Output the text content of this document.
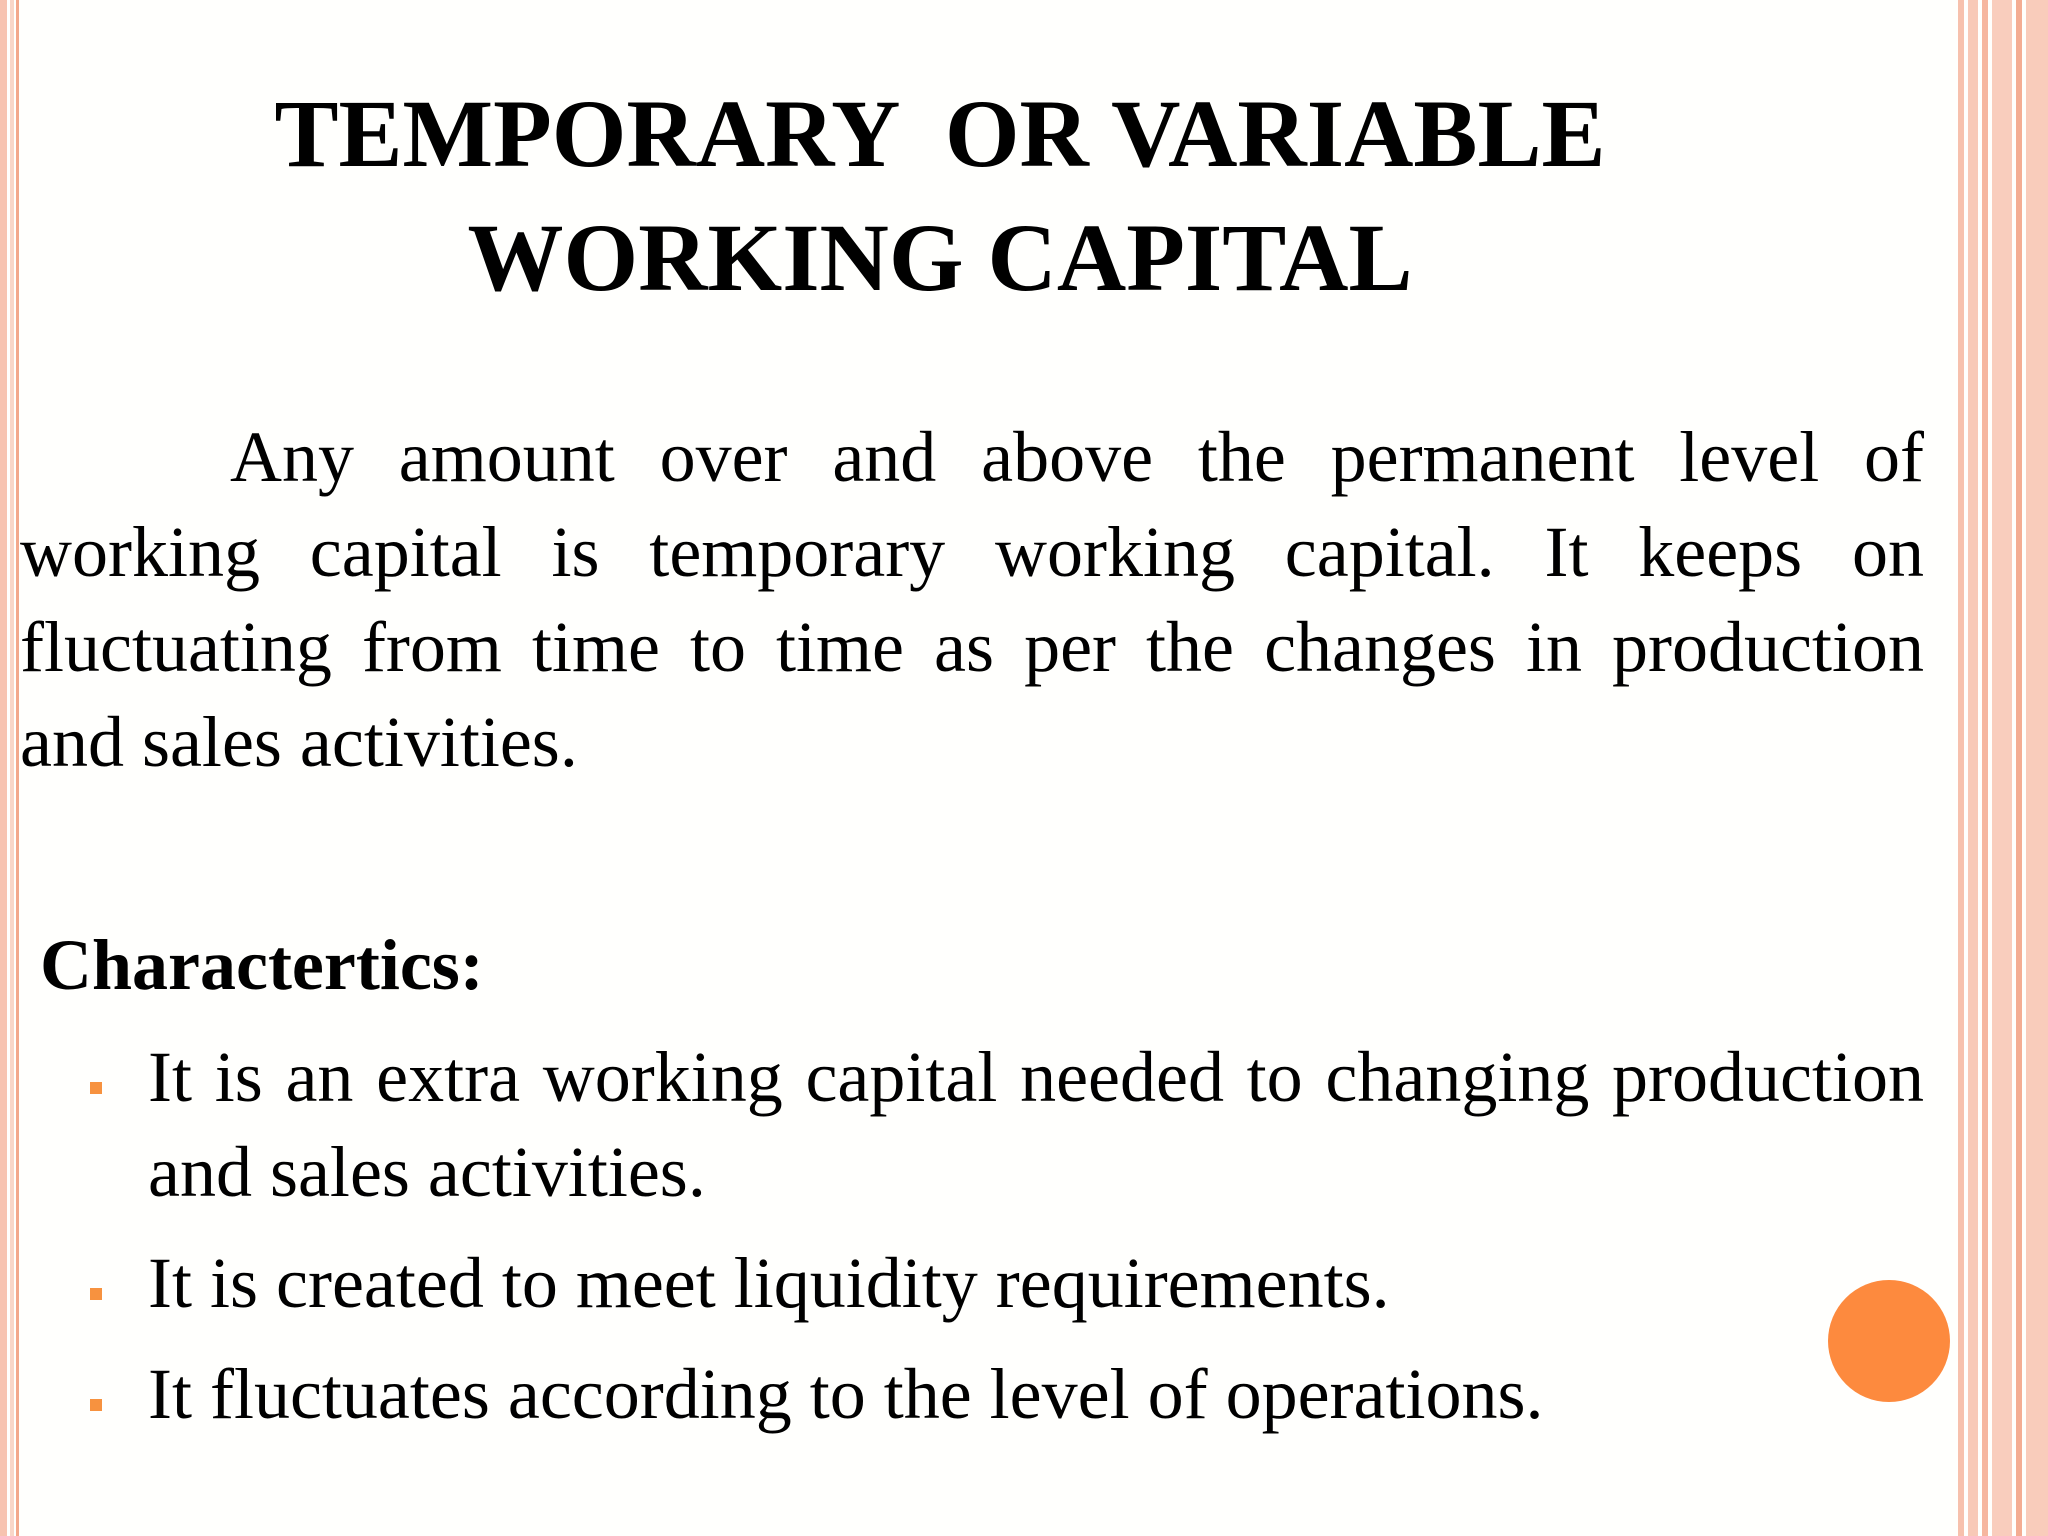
TEMPORARY  OR VARIABLE
WORKING CAPITAL

Any amount over and above the permanent level of working capital is temporary working capital. It keeps on fluctuating from time to time as per the changes in production and sales activities.

Charactertics:
It is an extra working capital needed to changing production and sales activities.
It is created to meet liquidity requirements.
It fluctuates according to the level of operations.
